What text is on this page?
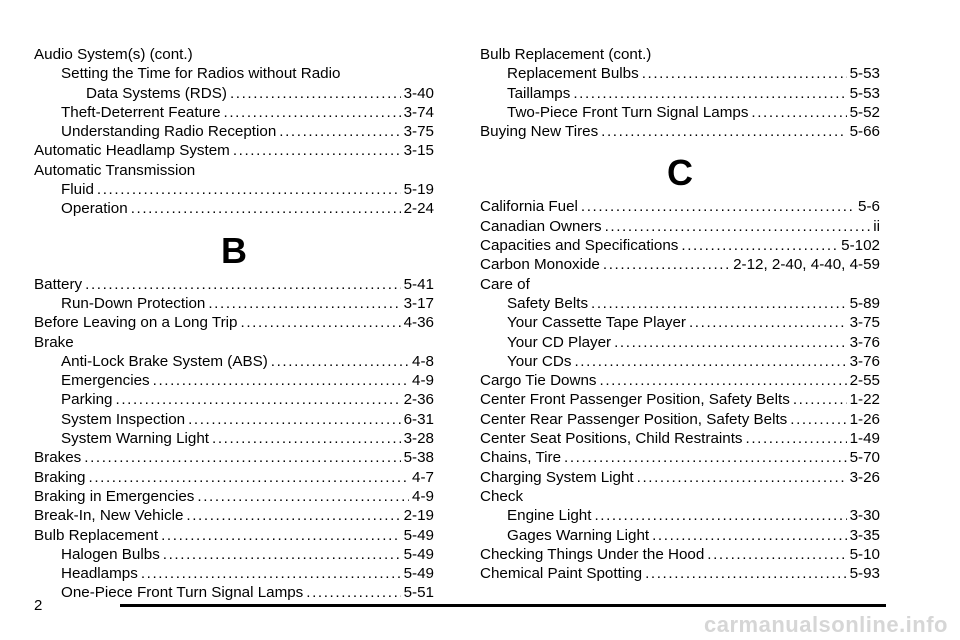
Audio System(s) (cont.)
Setting the Time for Radios without Radio
Data Systems (RDS) .....	3-40
Theft-Deterrent Feature .....	3-74
Understanding Radio Reception .....	3-75
Automatic Headlamp System .....	3-15
Automatic Transmission
Fluid .....	5-19
Operation .....	2-24
B
Battery .....	5-41
Run-Down Protection .....	3-17
Before Leaving on a Long Trip .....	4-36
Brake
Anti-Lock Brake System (ABS) .....	4-8
Emergencies .....	4-9
Parking .....	2-36
System Inspection .....	6-31
System Warning Light .....	3-28
Brakes .....	5-38
Braking .....	4-7
Braking in Emergencies .....	4-9
Break-In, New Vehicle .....	2-19
Bulb Replacement .....	5-49
Halogen Bulbs .....	5-49
Headlamps .....	5-49
One-Piece Front Turn Signal Lamps .....	5-51
Bulb Replacement (cont.)
Replacement Bulbs .....	5-53
Taillamps .....	5-53
Two-Piece Front Turn Signal Lamps .....	5-52
Buying New Tires .....	5-66
C
California Fuel .....	5-6
Canadian Owners .....	ii
Capacities and Specifications .....	5-102
Carbon Monoxide .....	2-12, 2-40, 4-40, 4-59
Care of
Safety Belts .....	5-89
Your Cassette Tape Player .....	3-75
Your CD Player .....	3-76
Your CDs .....	3-76
Cargo Tie Downs .....	2-55
Center Front Passenger Position, Safety Belts .....	1-22
Center Rear Passenger Position, Safety Belts .....	1-26
Center Seat Positions, Child Restraints .....	1-49
Chains, Tire .....	5-70
Charging System Light .....	3-26
Check
Engine Light .....	3-30
Gages Warning Light .....	3-35
Checking Things Under the Hood .....	5-10
Chemical Paint Spotting .....	5-93
2
carmanualsonline.info
